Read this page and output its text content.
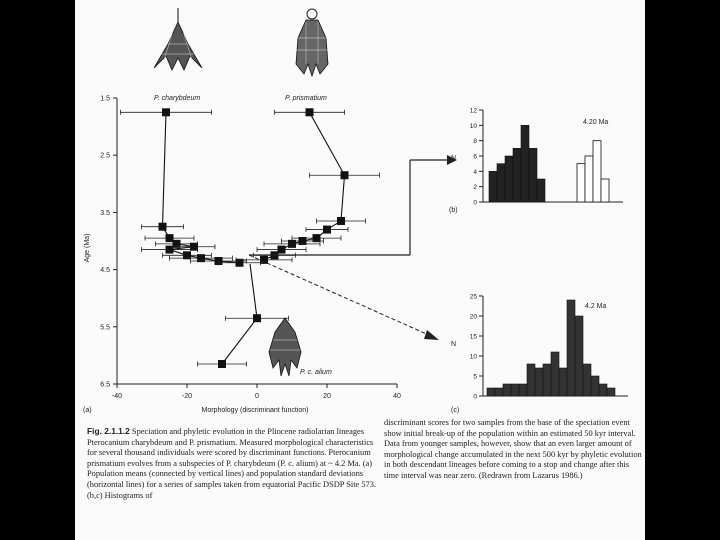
P. charybdeum	P. prismatium
P. c. alium
1.5
2.5
3.5
4.5
5.5
6.5
-40	-20	0	20	40
Age (Ma)
Morphology (discriminant function)
(a)
12
10
8
6
4
2
0
N
(b)
4.20 Ma
25
20
15
10
5
0
N
(c)
4.2 Ma
Fig. 2.1.1.2 Speciation and phyletic evolution in the Pliocene radiolarian lineages Pterocanium charybdeum and P. prismatium. Measured morphological characteristics for several thousand individuals were scored by discriminant functions. Pterocanium prismatium evolves from a subspecies of P. charybdeum (P. c. alium) at ~ 4.2 Ma. (a) Population means (connected by vertical lines) and population standard deviations (horizontal lines) for a series of samples taken from equatorial Pacific DSDP Site 573. (b,c) Histograms of
discriminant scores for two samples from the base of the speciation event show initial break-up of the population within an estimated 50 kyr interval. Data from younger samples, however, show that an even larger amount of morphological change accumulated in the next 500 kyr by phyletic evolution in both descendant lineages before coming to a stop and change after this time interval was near zero. (Redrawn from Lazarus 1986.)
